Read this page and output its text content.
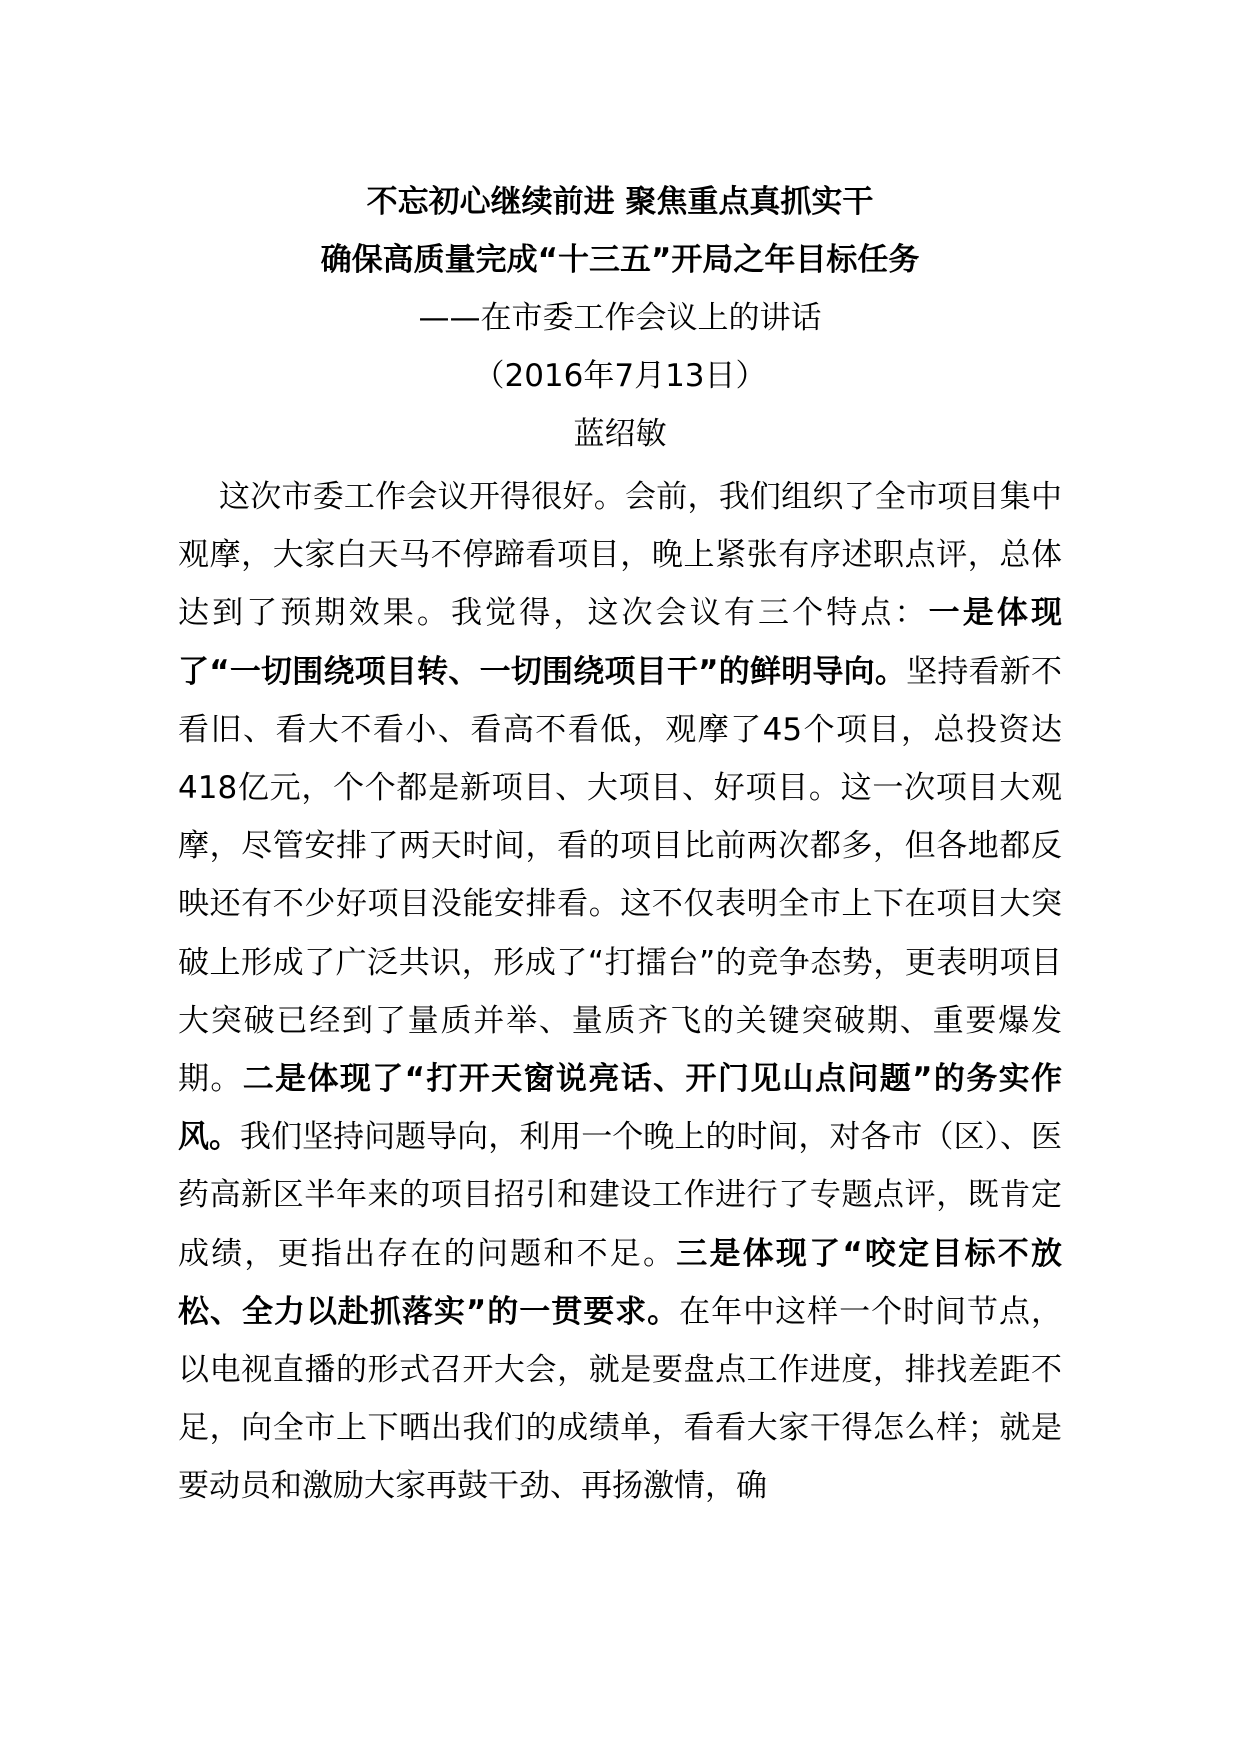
不忘初心继续前进 聚焦重点真抓实干
确保高质量完成“十三五”开局之年目标任务
——在市委工作会议上的讲话
（2016年7月13日）
蓝绍敏

这次市委工作会议开得很好。会前，我们组织了全市项目集中观摩，大家白天马不停蹄看项目，晚上紧张有序述职点评，总体达到了预期效果。我觉得，这次会议有三个特点：一是体现了“一切围绕项目转、一切围绕项目干”的鲜明导向。坚持看新不看旧、看大不看小、看高不看低，观摩了45个项目，总投资达418亿元，个个都是新项目、大项目、好项目。这一次项目大观摩，尽管安排了两天时间，看的项目比前两次都多，但各地都反映还有不少好项目没能安排看。这不仅表明全市上下在项目大突破上形成了广泛共识，形成了“打擂台”的竞争态势，更表明项目大突破已经到了量质并举、量质齐飞的关键突破期、重要爆发期。二是体现了“打开天窗说亮话、开门见山点问题”的务实作风。我们坚持问题导向，利用一个晚上的时间，对各市（区）、医药高新区半年来的项目招引和建设工作进行了专题点评，既肯定成绩，更指出存在的问题和不足。三是体现了“咬定目标不放松、全力以赴抓落实”的一贯要求。在年中这样一个时间节点，以电视直播的形式召开大会，就是要盘点工作进度，排找差距不足，向全市上下晒出我们的成绩单，看看大家干得怎么样；就是要动员和激励大家再鼓干劲、再扬激情，确
